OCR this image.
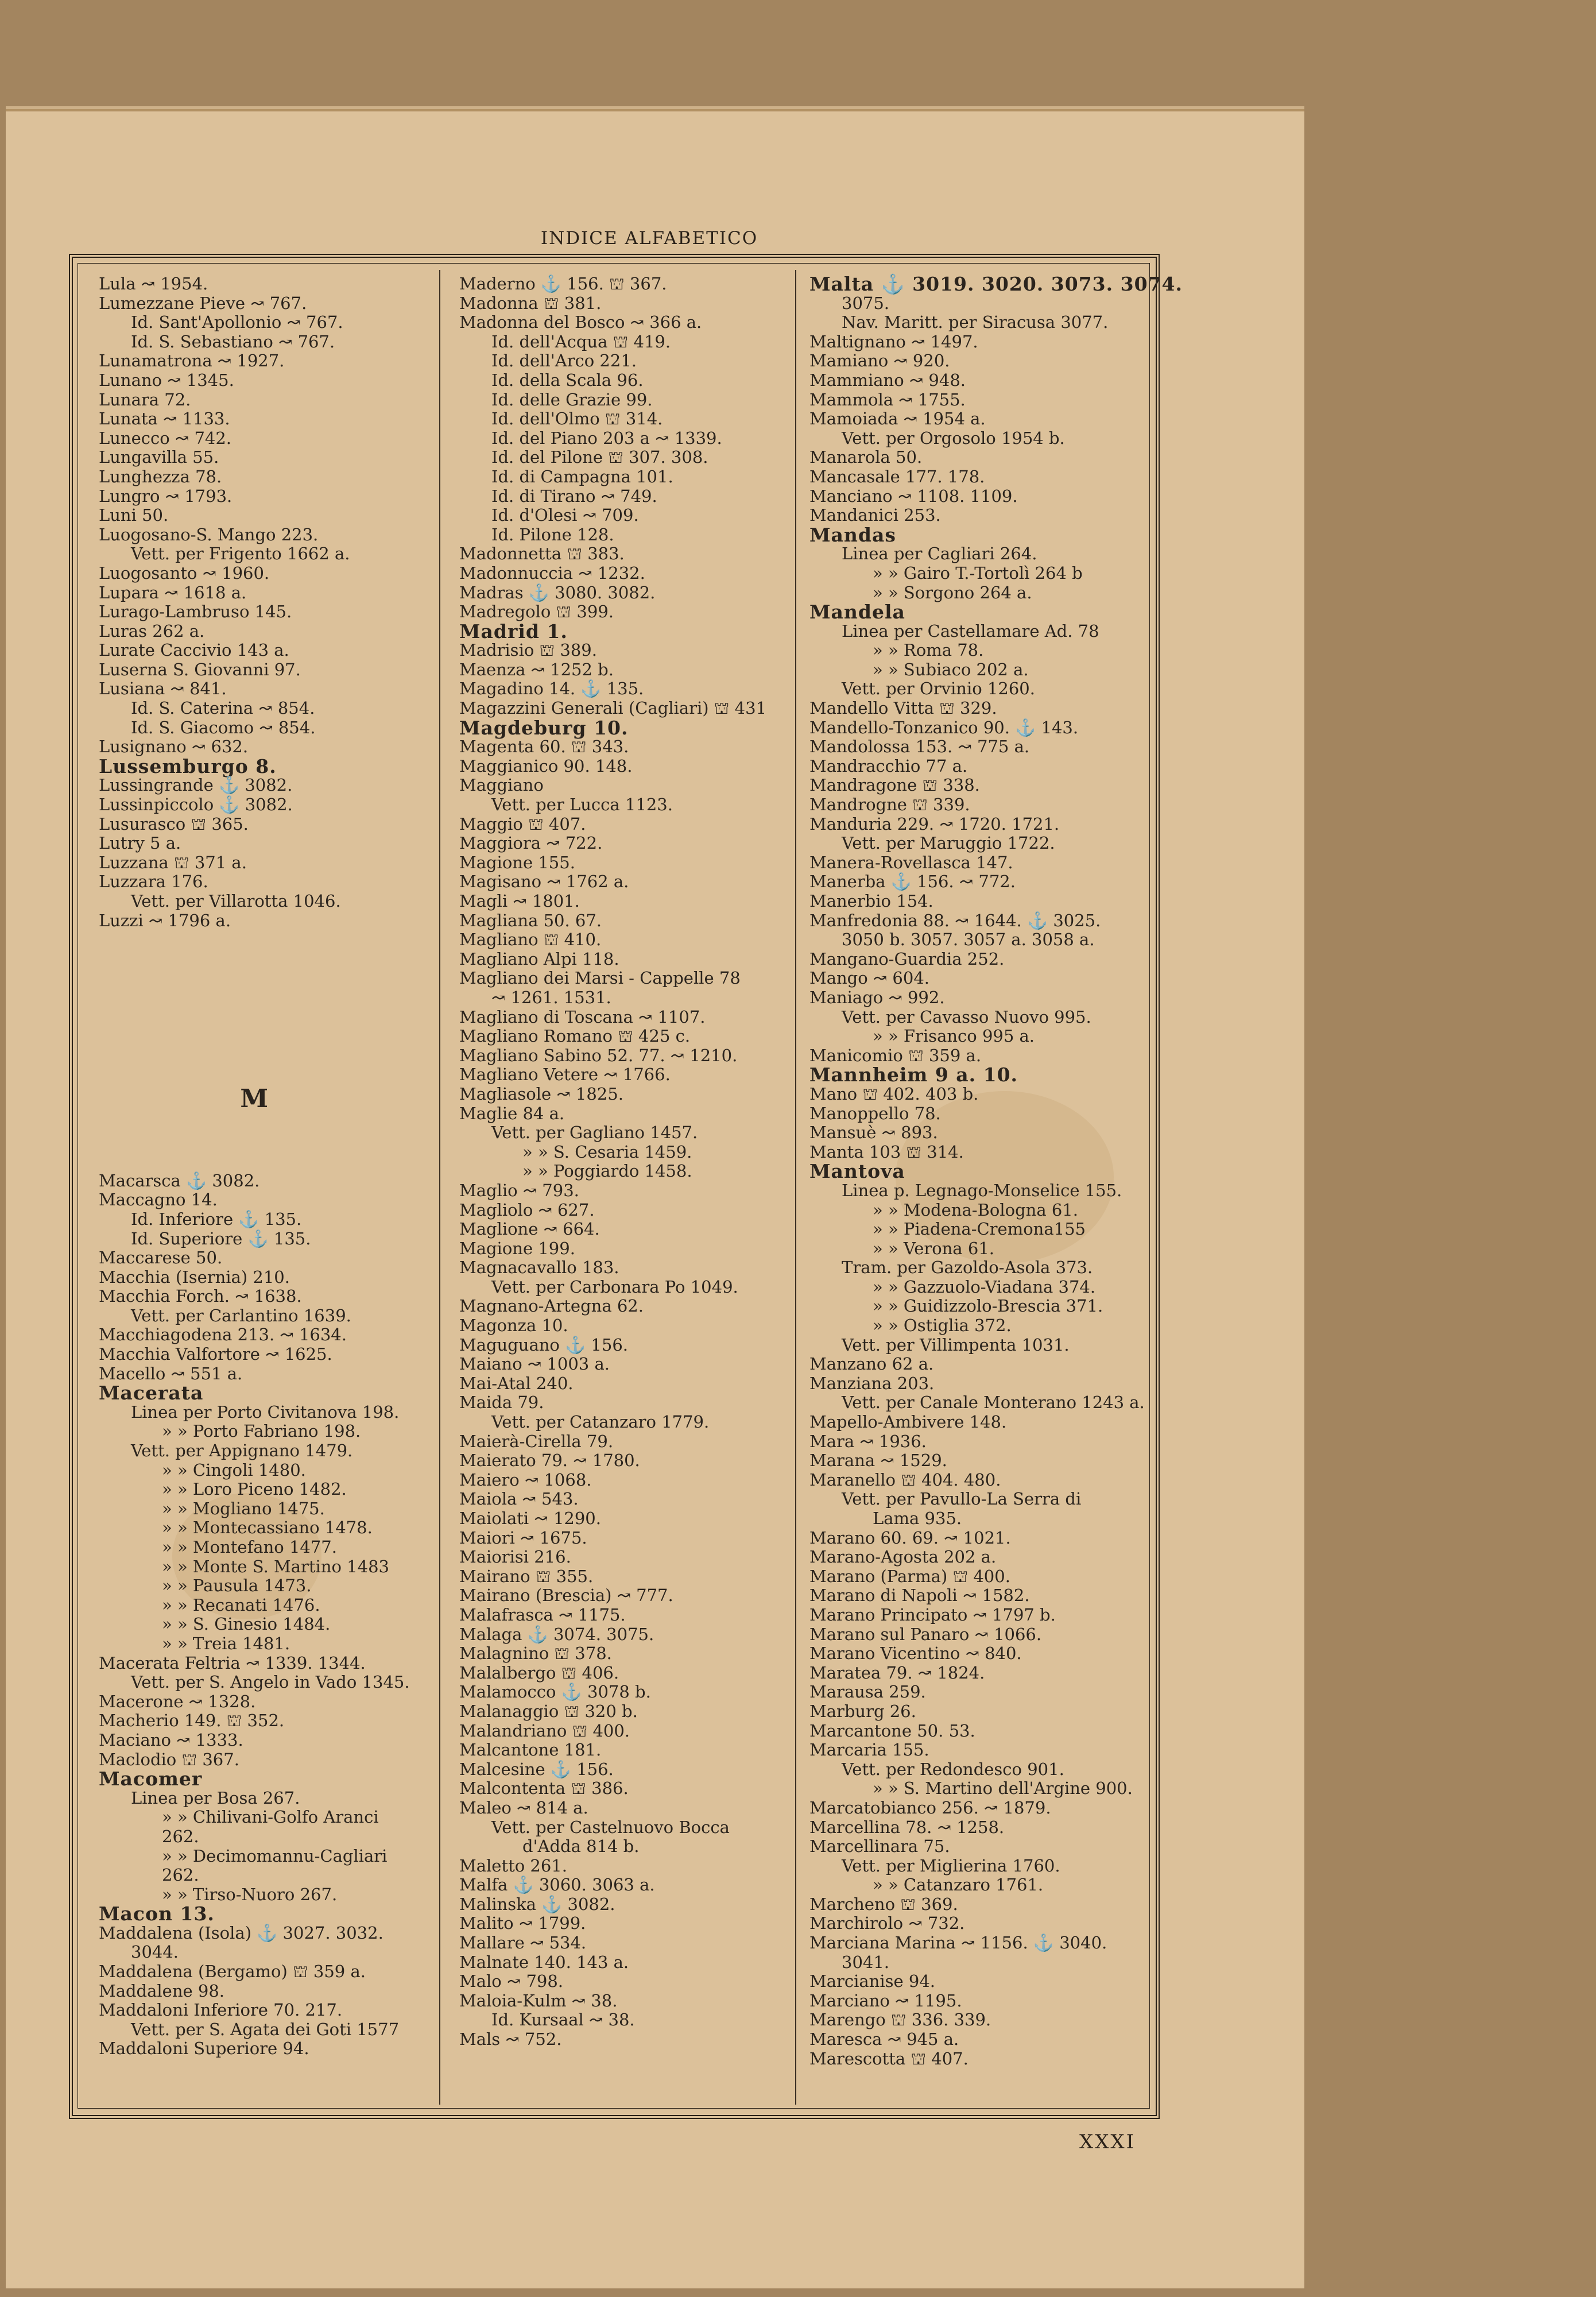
INDICE ALFABETICO
Lula ↝ 1954.
Lumezzane Pieve ↝ 767.
Id. Sant'Apollonio ↝ 767.
Id. S. Sebastiano ↝ 767.
Lunamatrona ↝ 1927.
Lunano ↝ 1345.
Lunara 72.
Lunata ↝ 1133.
Lunecco ↝ 742.
Lungavilla 55.
Lunghezza 78.
Lungro ↝ 1793.
Luni 50.
Luogosano-S. Mango 223.
Vett. per Frigento 1662 a.
Luogosanto ↝ 1960.
Lupara ↝ 1618 a.
Lurago-Lambruso 145.
Luras 262 a.
Lurate Caccivio 143 a.
Luserna S. Giovanni 97.
Lusiana ↝ 841.
Id. S. Caterina ↝ 854.
Id. S. Giacomo ↝ 854.
Lusignano ↝ 632.
Lussemburgo 8.
Lussingrande ⚓ 3082.
Lussinpiccolo ⚓ 3082.
Lusurasco ⛫ 365.
Lutry 5 a.
Luzzana ⛫ 371 a.
Luzzara 176.
Vett. per Villarotta 1046.
Luzzi ↝ 1796 a.
M
Macarsca ⚓ 3082.
Maccagno 14.
Id. Inferiore ⚓ 135.
Id. Superiore ⚓ 135.
Maccarese 50.
Macchia (Isernia) 210.
Macchia Forch. ↝ 1638.
Vett. per Carlantino 1639.
Macchiagodena 213. ↝ 1634.
Macchia Valfortore ↝ 1625.
Macello ↝ 551 a.
Macerata
Linea per Porto Civitanova 198.
» » Porto Fabriano 198.
Vett. per Appignano 1479.
» » Cingoli 1480.
» » Loro Piceno 1482.
» » Mogliano 1475.
» » Montecassiano 1478.
» » Montefano 1477.
» » Monte S. Martino 1483
» » Pausula 1473.
» » Recanati 1476.
» » S. Ginesio 1484.
» » Treia 1481.
Macerata Feltria ↝ 1339. 1344.
Vett. per S. Angelo in Vado 1345.
Macerone ↝ 1328.
Macherio 149. ⛫ 352.
Maciano ↝ 1333.
Maclodio ⛫ 367.
Macomer
Linea per Bosa 267.
» » Chilivani-Golfo Aranci
262.
» » Decimomannu-Cagliari
262.
» » Tirso-Nuoro 267.
Macon 13.
Maddalena (Isola) ⚓ 3027. 3032.
3044.
Maddalena (Bergamo) ⛫ 359 a.
Maddalene 98.
Maddaloni Inferiore 70. 217.
Vett. per S. Agata dei Goti 1577
Maddaloni Superiore 94.
Maderno ⚓ 156. ⛫ 367.
Madonna ⛫ 381.
Madonna del Bosco ↝ 366 a.
Id. dell'Acqua ⛫ 419.
Id. dell'Arco 221.
Id. della Scala 96.
Id. delle Grazie 99.
Id. dell'Olmo ⛫ 314.
Id. del Piano 203 a ↝ 1339.
Id. del Pilone ⛫ 307. 308.
Id. di Campagna 101.
Id. di Tirano ↝ 749.
Id. d'Olesi ↝ 709.
Id. Pilone 128.
Madonnetta ⛫ 383.
Madonnuccia ↝ 1232.
Madras ⚓ 3080. 3082.
Madregolo ⛫ 399.
Madrid 1.
Madrisio ⛫ 389.
Maenza ↝ 1252 b.
Magadino 14. ⚓ 135.
Magazzini Generali (Cagliari) ⛫ 431
Magdeburg 10.
Magenta 60. ⛫ 343.
Maggianico 90. 148.
Maggiano
Vett. per Lucca 1123.
Maggio ⛫ 407.
Maggiora ↝ 722.
Magione 155.
Magisano ↝ 1762 a.
Magli ↝ 1801.
Magliana 50. 67.
Magliano ⛫ 410.
Magliano Alpi 118.
Magliano dei Marsi - Cappelle 78
↝ 1261. 1531.
Magliano di Toscana ↝ 1107.
Magliano Romano ⛫ 425 c.
Magliano Sabino 52. 77. ↝ 1210.
Magliano Vetere ↝ 1766.
Magliasole ↝ 1825.
Maglie 84 a.
Vett. per Gagliano 1457.
» » S. Cesaria 1459.
» » Poggiardo 1458.
Maglio ↝ 793.
Magliolo ↝ 627.
Maglione ↝ 664.
Magione 199.
Magnacavallo 183.
Vett. per Carbonara Po 1049.
Magnano-Artegna 62.
Magonza 10.
Maguguano ⚓ 156.
Maiano ↝ 1003 a.
Mai-Atal 240.
Maida 79.
Vett. per Catanzaro 1779.
Maierà-Cirella 79.
Maierato 79. ↝ 1780.
Maiero ↝ 1068.
Maiola ↝ 543.
Maiolati ↝ 1290.
Maiori ↝ 1675.
Maiorisi 216.
Mairano ⛫ 355.
Mairano (Brescia) ↝ 777.
Malafrasca ↝ 1175.
Malaga ⚓ 3074. 3075.
Malagnino ⛫ 378.
Malalbergo ⛫ 406.
Malamocco ⚓ 3078 b.
Malanaggio ⛫ 320 b.
Malandriano ⛫ 400.
Malcantone 181.
Malcesine ⚓ 156.
Malcontenta ⛫ 386.
Maleo ↝ 814 a.
Vett. per Castelnuovo Bocca
d'Adda 814 b.
Maletto 261.
Malfa ⚓ 3060. 3063 a.
Malinska ⚓ 3082.
Malito ↝ 1799.
Mallare ↝ 534.
Malnate 140. 143 a.
Malo ↝ 798.
Maloia-Kulm ↝ 38.
Id. Kursaal ↝ 38.
Mals ↝ 752.
Malta ⚓ 3019. 3020. 3073. 3074.
3075.
Nav. Maritt. per Siracusa 3077.
Maltignano ↝ 1497.
Mamiano ↝ 920.
Mammiano ↝ 948.
Mammola ↝ 1755.
Mamoiada ↝ 1954 a.
Vett. per Orgosolo 1954 b.
Manarola 50.
Mancasale 177. 178.
Manciano ↝ 1108. 1109.
Mandanici 253.
Mandas
Linea per Cagliari 264.
» » Gairo T.-Tortolì 264 b
» » Sorgono 264 a.
Mandela
Linea per Castellamare Ad. 78
» » Roma 78.
» » Subiaco 202 a.
Vett. per Orvinio 1260.
Mandello Vitta ⛫ 329.
Mandello-Tonzanico 90. ⚓ 143.
Mandolossa 153. ↝ 775 a.
Mandracchio 77 a.
Mandragone ⛫ 338.
Mandrogne ⛫ 339.
Manduria 229. ↝ 1720. 1721.
Vett. per Maruggio 1722.
Manera-Rovellasca 147.
Manerba ⚓ 156. ↝ 772.
Manerbio 154.
Manfredonia 88. ↝ 1644. ⚓ 3025.
3050 b. 3057. 3057 a. 3058 a.
Mangano-Guardia 252.
Mango ↝ 604.
Maniago ↝ 992.
Vett. per Cavasso Nuovo 995.
» » Frisanco 995 a.
Manicomio ⛫ 359 a.
Mannheim 9 a. 10.
Mano ⛫ 402. 403 b.
Manoppello 78.
Mansuè ↝ 893.
Manta 103 ⛫ 314.
Mantova
Linea p. Legnago-Monselice 155.
» » Modena-Bologna 61.
» » Piadena-Cremona155
» » Verona 61.
Tram. per Gazoldo-Asola 373.
» » Gazzuolo-Viadana 374.
» » Guidizzolo-Brescia 371.
» » Ostiglia 372.
Vett. per Villimpenta 1031.
Manzano 62 a.
Manziana 203.
Vett. per Canale Monterano 1243 a.
Mapello-Ambivere 148.
Mara ↝ 1936.
Marana ↝ 1529.
Maranello ⛫ 404. 480.
Vett. per Pavullo-La Serra di
Lama 935.
Marano 60. 69. ↝ 1021.
Marano-Agosta 202 a.
Marano (Parma) ⛫ 400.
Marano di Napoli ↝ 1582.
Marano Principato ↝ 1797 b.
Marano sul Panaro ↝ 1066.
Marano Vicentino ↝ 840.
Maratea 79. ↝ 1824.
Marausa 259.
Marburg 26.
Marcantone 50. 53.
Marcaria 155.
Vett. per Redondesco 901.
» » S. Martino dell'Argine 900.
Marcatobianco 256. ↝ 1879.
Marcellina 78. ↝ 1258.
Marcellinara 75.
Vett. per Miglierina 1760.
» » Catanzaro 1761.
Marcheno ⛫ 369.
Marchirolo ↝ 732.
Marciana Marina ↝ 1156. ⚓ 3040.
3041.
Marcianise 94.
Marciano ↝ 1195.
Marengo ⛫ 336. 339.
Maresca ↝ 945 a.
Marescotta ⛫ 407.
XXXI
